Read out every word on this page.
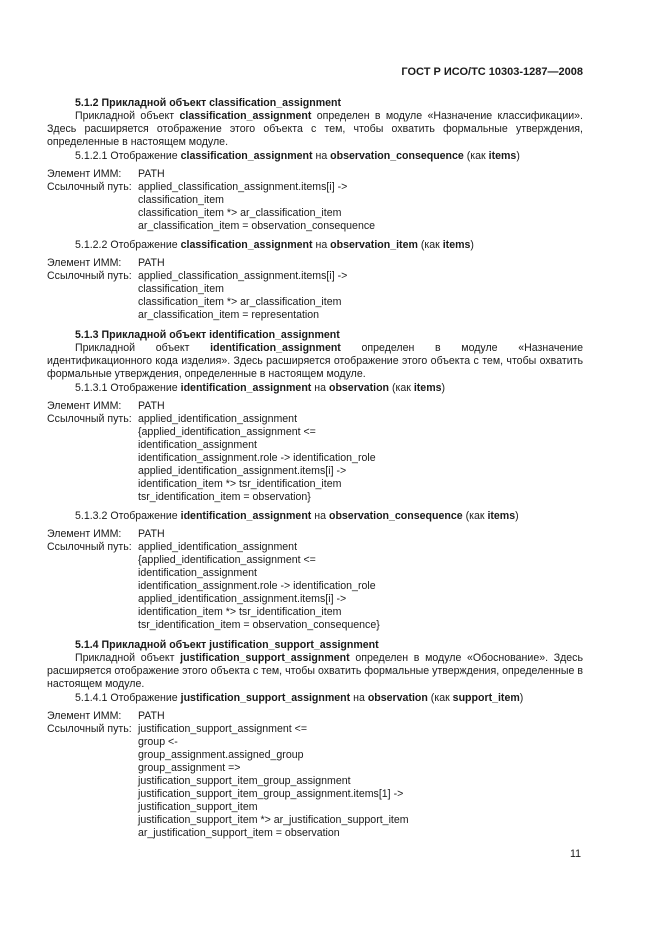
ГОСТ Р ИСО/ТС 10303-1287—2008
5.1.2 Прикладной объект classification_assignment
Прикладной объект classification_assignment определен в модуле «Назначение классификации». Здесь расширяется отображение этого объекта с тем, чтобы охватить формальные утверждения, определенные в настоящем модуле.
5.1.2.1 Отображение classification_assignment на observation_consequence (как items)
Элемент ИММ:	PATH
Ссылочный путь: applied_classification_assignment.items[i] ->
classification_item
classification_item *> ar_classification_item
ar_classification_item = observation_consequence
5.1.2.2 Отображение classification_assignment на observation_item (как items)
Элемент ИММ:	PATH
Ссылочный путь: applied_classification_assignment.items[i] ->
classification_item
classification_item *> ar_classification_item
ar_classification_item = representation
5.1.3 Прикладной объект identification_assignment
Прикладной объект identification_assignment определен в модуле «Назначение идентификационного кода изделия». Здесь расширяется отображение этого объекта с тем, чтобы охватить формальные утверждения, определенные в настоящем модуле.
5.1.3.1 Отображение identification_assignment на observation (как items)
Элемент ИММ:	PATH
Ссылочный путь: applied_identification_assignment
{applied_identification_assignment <=
identification_assignment
identification_assignment.role -> identification_role
applied_identification_assignment.items[i] ->
identification_item *> tsr_identification_item
tsr_identification_item = observation}
5.1.3.2 Отображение identification_assignment на observation_consequence (как items)
Элемент ИММ:	PATH
Ссылочный путь: applied_identification_assignment
{applied_identification_assignment <=
identification_assignment
identification_assignment.role -> identification_role
applied_identification_assignment.items[i] ->
identification_item *> tsr_identification_item
tsr_identification_item = observation_consequence}
5.1.4 Прикладной объект justification_support_assignment
Прикладной объект justification_support_assignment определен в модуле «Обоснование». Здесь расширяется отображение этого объекта с тем, чтобы охватить формальные утверждения, определенные в настоящем модуле.
5.1.4.1 Отображение justification_support_assignment на observation (как support_item)
Элемент ИММ:	PATH
Ссылочный путь: justification_support_assignment <=
group <-
group_assignment.assigned_group
group_assignment =>
justification_support_item_group_assignment
justification_support_item_group_assignment.items[1] ->
justification_support_item
justification_support_item *> ar_justification_support_item
ar_justification_support_item = observation
11
